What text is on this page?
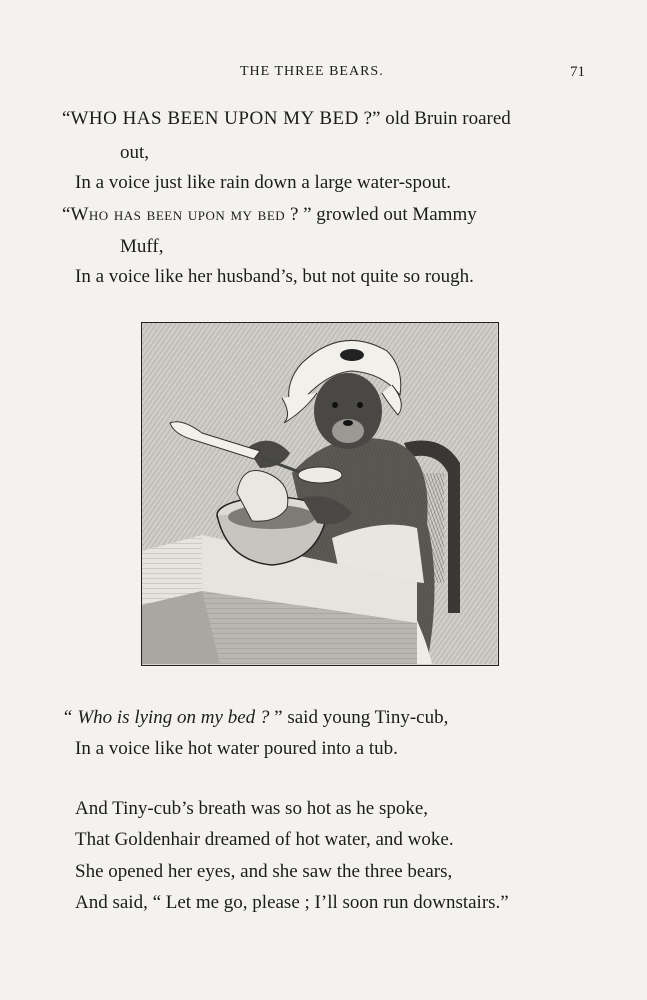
THE THREE BEARS.	71
“WHO HAS BEEN UPON MY BED ?” old Bruin roared
out,
In a voice just like rain down a large water-spout.
“Who has been upon my bed ? ” growled out Mammy
Muff,
In a voice like her husband’s, but not quite so rough.
“ Who is lying on my bed ? ” said young Tiny-cub,
In a voice like hot water poured into a tub.
And Tiny-cub’s breath was so hot as he spoke,
That Goldenhair dreamed of hot water, and woke.
She opened her eyes, and she saw the three bears,
And said, “ Let me go, please ; I’ll soon run downstairs.”
